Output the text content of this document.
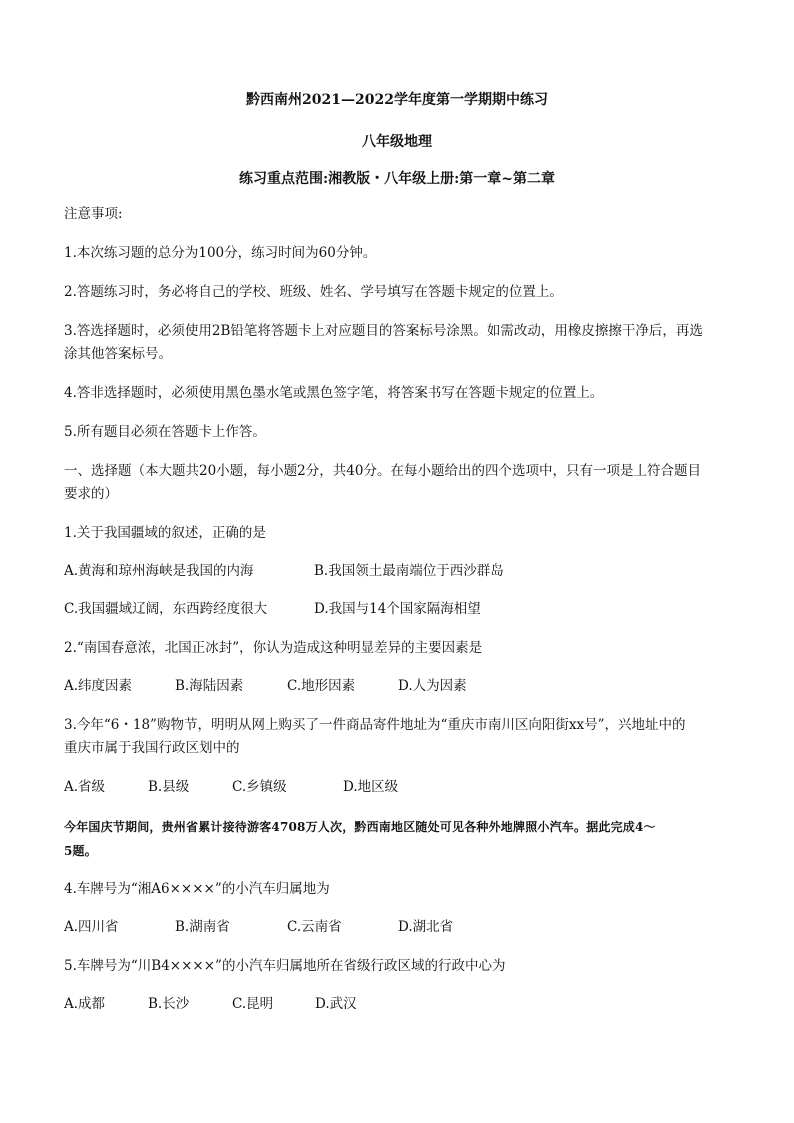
黔西南州2021—2022学年度第一学期期中练习
八年级地理
练习重点范围:湘教版・八年级上册:第一章~第二章
注意事项:
1.本次练习题的总分为100分，练习时间为60分钟。
2.答题练习时，务必将自己的学校、班级、姓名、学号填写在答题卡规定的位置上。
3.答选择题时，必须使用2B铅笔将答题卡上对应题目的答案标号涂黑。如需改动，用橡皮擦擦干净后，再选
涂其他答案标号。
4.答非选择题时，必须使用黑色墨水笔或黑色签字笔，将答案书写在答题卡规定的位置上。
5.所有题目必须在答题卡上作答。
一、选择题（本大题共20小题，每小题2分，共40分。在每小题给出的四个选项中，只有一项是丄符合题目
要求的）
1.关于我国疆域的叙述，正确的是
A.黄海和琼州海峡是我国的内海	B.我国领土最南端位于西沙群岛
C.我国疆域辽阔，东西跨经度很大	D.我国与14个国家隔海相望
2.“南国春意浓，北国正冰封”，你认为造成这种明显差异的主要因素是
A.纬度因素	B.海陆因素	C.地形因素	D.人为因素
3.今年“6・18”购物节，明明从网上购买了一件商品寄件地址为“重庆市南川区向阳街xx号”，兴地址中的
重庆市属于我国行政区划中的
A.省级	B.县级	C.乡镇级	D.地区级
今年国庆节期间，贵州省累计接待游客4708万人次，黔西南地区随处可见各种外地牌照小汽车。据此完成4～
5题。
4.车牌号为“湘A6××××”的小汽车归属地为
A.四川省	B.湖南省	C.云南省	D.湖北省
5.车牌号为“川B4××××”的小汽车归属地所在省级行政区域的行政中心为
A.成都	B.长沙	C.昆明	D.武汉
